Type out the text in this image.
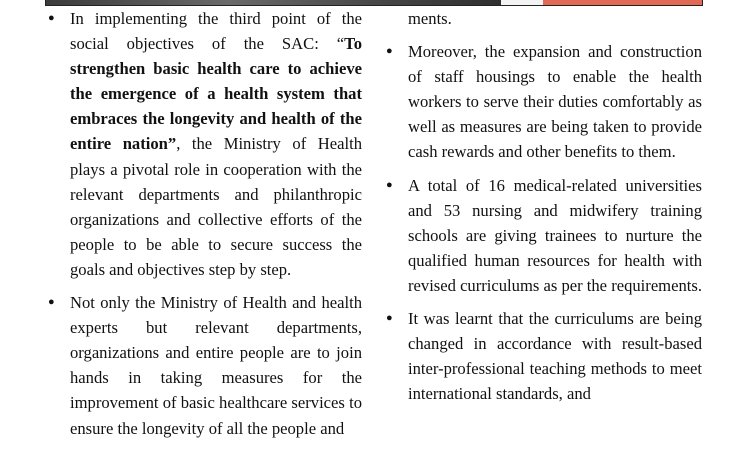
● In implementing the third point of the social objectives of the SAC: “To strengthen basic health care to achieve the emergence of a health system that embraces the longevity and health of the entire nation”, the Ministry of Health plays a pivotal role in cooperation with the relevant departments and philanthropic organizations and collective efforts of the people to be able to secure success the goals and objectives step by step.
● Not only the Ministry of Health and health experts but relevant departments, organizations and entire people are to join hands in taking measures for the improvement of basic healthcare services to ensure the longevity of all the people and
ments.
● Moreover, the expansion and construction of staff housings to enable the health workers to serve their duties comfortably as well as measures are being taken to provide cash rewards and other benefits to them.
● A total of 16 medical-related universities and 53 nursing and midwifery training schools are giving trainees to nurture the qualified human resources for health with revised curriculums as per the requirements.
● It was learnt that the curriculums are being changed in accordance with result-based inter-professional teaching methods to meet international standards, and
